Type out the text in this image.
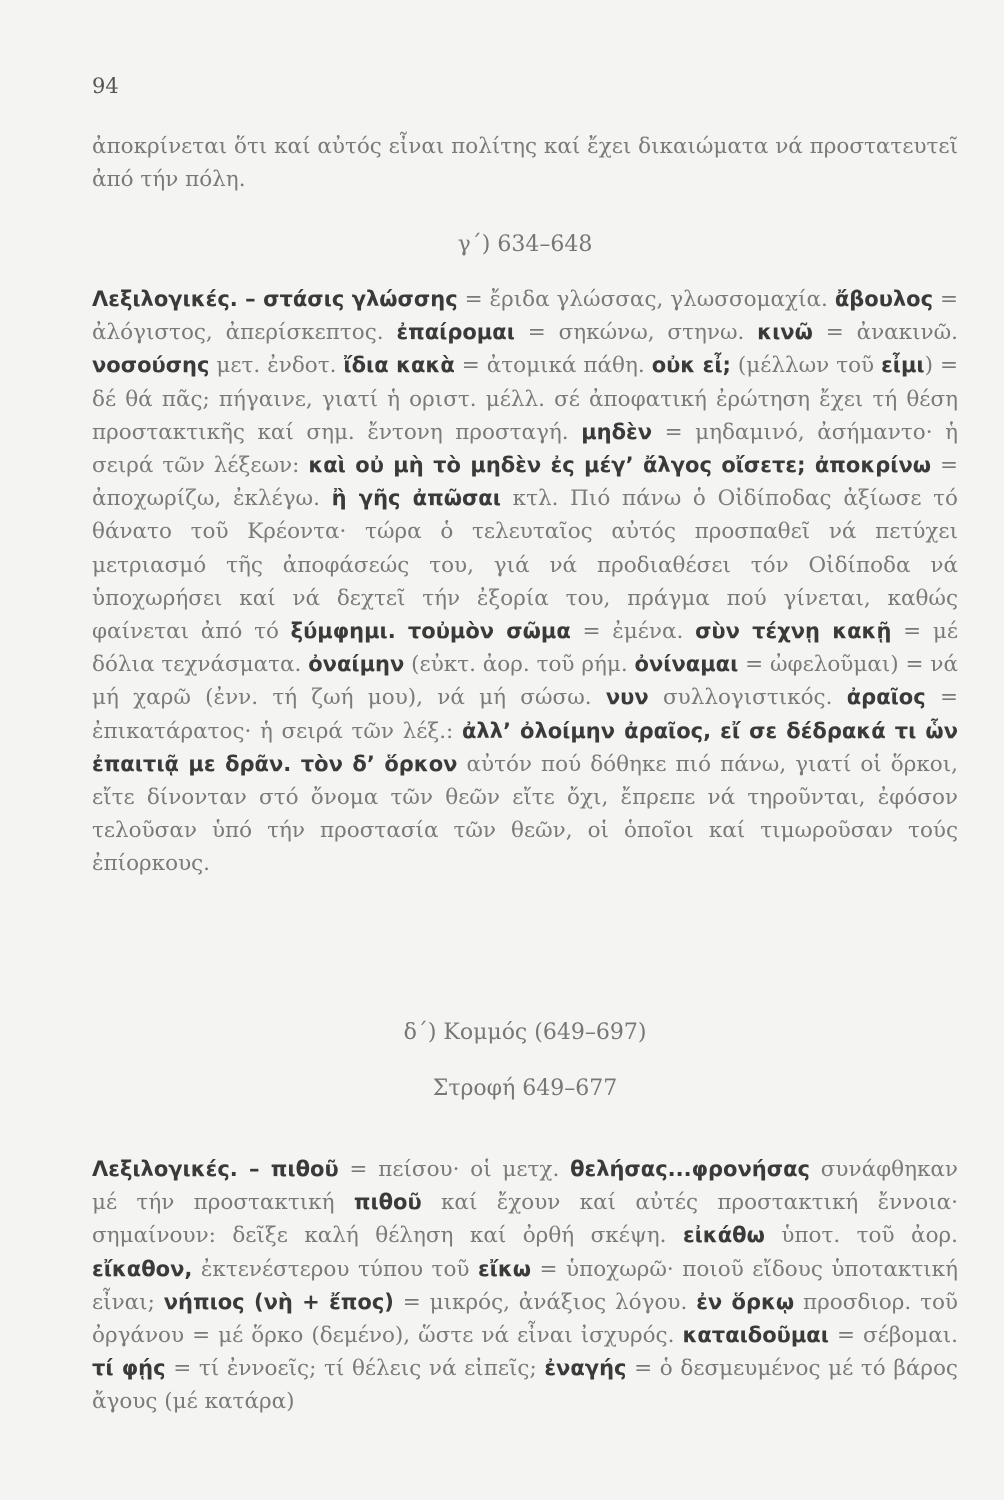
94
ἀποκρίνεται ὅτι καί αὐτός εἶναι πολίτης καί ἔχει δικαιώματα νά προστατευτεῖ ἀπό τήν πόλη.
γ΄) 634–648
Λεξιλογικές. – στάσις γλώσσης = ἔριδα γλώσσας, γλωσσομαχία. ἄβουλος = ἀλόγιστος, ἀπερίσκεπτος. ἐπαίρομαι = σηκώνω, στηνω. κινῶ = ἀνακινῶ. νοσούσης μετ. ἐνδοτ. ἴδια κακὰ = ἀτομικά πάθη. οὐκ εἶ; (μέλλων τοῦ εἶμι) = δέ θά πᾶς; πήγαινε, γιατί ἡ οριστ. μέλλ. σέ ἀποφατική ἐρώτηση ἔχει τή θέση προστακτικῆς καί σημ. ἔντονη προσταγή. μηδὲν = μηδαμινό, ἀσήμαντο· ἡ σειρά τῶν λέξεων: καὶ οὐ μὴ τὸ μηδὲν ἐς μέγ’ ἄλγος οἴσετε; ἀποκρίνω = ἀποχωρίζω, ἐκλέγω. ἢ γῆς ἀπῶσαι κτλ. Πιό πάνω ὁ Οἰδίποδας ἀξίωσε τό θάνατο τοῦ Κρέοντα· τώρα ὁ τελευταῖος αὐτός προσπαθεῖ νά πετύχει μετριασμό τῆς ἀποφάσεώς του, γιά νά προδιαθέσει τόν Οἰδίποδα νά ὑποχωρήσει καί νά δεχτεῖ τήν ἐξορία του, πράγμα πού γίνεται, καθώς φαίνεται ἀπό τό ξύμφημι. τοὐμὸν σῶμα = ἐμένα. σὺν τέχνῃ κακῇ = μέ δόλια τεχνάσματα. ὀναίμην (εὐκτ. ἀορ. τοῦ ρήμ. ὀνίναμαι = ὠφελοῦμαι) = νά μή χαρῶ (ἐνν. τή ζωή μου), νά μή σώσω. νυν συλλογιστικός. ἀραῖος = ἐπικατάρατος· ἡ σειρά τῶν λέξ.: ἀλλ’ ὀλοίμην ἀραῖος, εἴ σε δέδρακά τι ὧν ἐπαιτιᾷ με δρᾶν. τὸν δ’ ὅρκον αὐτόν πού δόθηκε πιό πάνω, γιατί οἱ ὅρκοι, εἴτε δίνονταν στό ὄνομα τῶν θεῶν εἴτε ὄχι, ἔπρεπε νά τηροῦνται, ἐφόσον τελοῦσαν ὑπό τήν προστασία τῶν θεῶν, οἱ ὁποῖοι καί τιμωροῦσαν τούς ἐπίορκους.
δ΄) Κομμός (649–697)
Στροφή 649–677
Λεξιλογικές. – πιθοῦ = πείσου· οἱ μετχ. θελήσας...φρονήσας συνάφθηκαν μέ τήν προστακτική πιθοῦ καί ἔχουν καί αὐτές προστακτική ἔννοια· σημαίνουν: δεῖξε καλή θέληση καί ὀρθή σκέψη. εἰκάθω ὑποτ. τοῦ ἀορ. εἴκαθον, ἐκτενέστερου τύπου τοῦ εἴκω = ὑποχωρῶ· ποιοῦ εἴδους ὑποτακτική εἶναι; νήπιος (νὴ + ἔπος) = μικρός, ἀνάξιος λόγου. ἐν ὅρκῳ προσδιορ. τοῦ ὀργάνου = μέ ὅρκο (δεμένο), ὥστε νά εἶναι ἰσχυρός. καταιδοῦμαι = σέβομαι. τί φῄς = τί ἐννοεῖς; τί θέλεις νά εἰπεῖς; ἐναγής = ὁ δεσμευμένος μέ τό βάρος ἄγους (μέ κατάρα)
